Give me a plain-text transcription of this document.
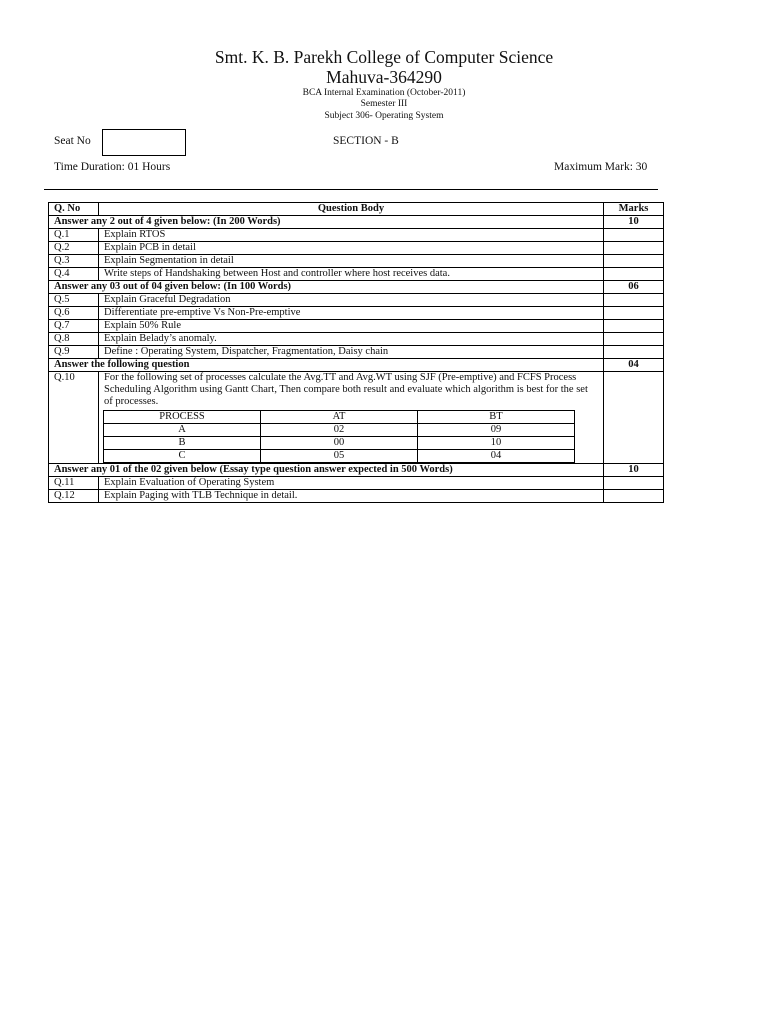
Smt. K. B. Parekh College of Computer Science
Mahuva-364290
BCA Internal Examination (October-2011)
Semester III
Subject 306- Operating System
Seat No	SECTION - B
Time Duration: 01 Hours	Maximum Mark: 30
Q. No	Question Body	Marks
Answer any 2 out of 4 given below: (In 200 Words)	10
Q.1	Explain RTOS	
Q.2	Explain PCB in detail	
Q.3	Explain Segmentation in detail	
Q.4	Write steps of Handshaking between Host and controller where host receives data.	
Answer any 03 out of 04 given below: (In 100 Words)	06
Q.5	Explain Graceful Degradation	
Q.6	Differentiate pre-emptive Vs Non-Pre-emptive	
Q.7	Explain 50% Rule	
Q.8	Explain Belady’s anomaly.	
Q.9	Define : Operating System, Dispatcher, Fragmentation, Daisy chain	
Answer the following question	04
Q.10	For the following set of processes calculate the Avg.TT and Avg.WT using SJF (Pre-emptive) and FCFS Process Scheduling Algorithm using Gantt Chart, Then compare both result and evaluate which algorithm is best for the set of processes.
PROCESS	AT	BT
A	02	09
B	00	10
C	05	04

Answer any 01 of the 02 given below (Essay type question answer expected in 500 Words)	10
Q.11	Explain Evaluation of Operating System	
Q.12	Explain Paging with TLB Technique in detail.	
